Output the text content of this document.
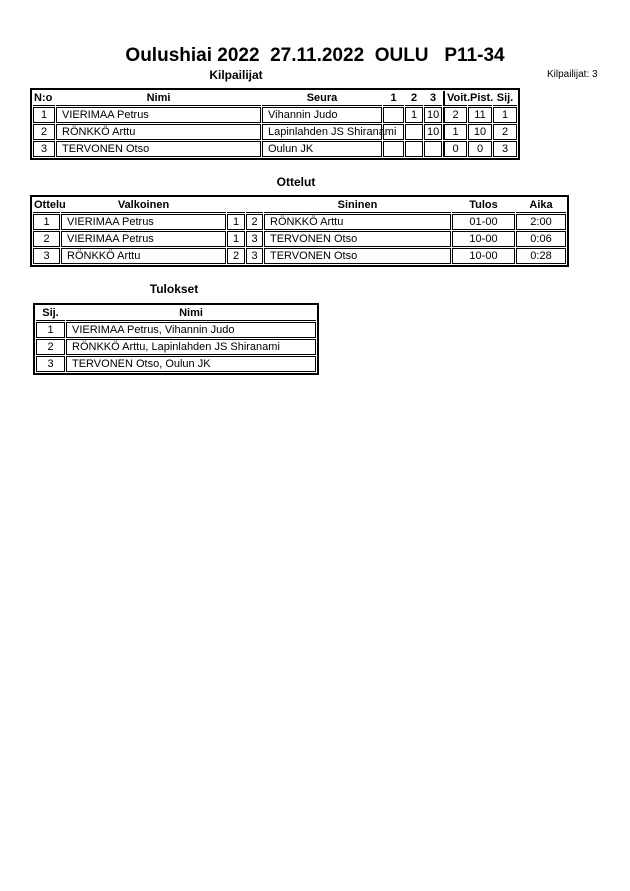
Oulushiai 2022  27.11.2022  OULU   P11-34
Kilpailijat	Kilpailijat: 3
N:o	Nimi	Seura	1	2	3	Voit.	Pist.	Sij.
1	VIERIMAA Petrus	Vihannin Judo		1	10	2	11	1
2	RÖNKKÖ Arttu	Lapinlahden JS Shiranami			10	1	10	2
3	TERVONEN Otso	Oulun JK				0	0	3
Ottelut
Ottelu	Valkoinen			Sininen	Tulos	Aika
1	VIERIMAA Petrus	1	2	RÖNKKÖ Arttu	01-00	2:00
2	VIERIMAA Petrus	1	3	TERVONEN Otso	10-00	0:06
3	RÖNKKÖ Arttu	2	3	TERVONEN Otso	10-00	0:28
Tulokset
Sij.	Nimi
1	VIERIMAA Petrus, Vihannin Judo
2	RÖNKKÖ Arttu, Lapinlahden JS Shiranami
3	TERVONEN Otso, Oulun JK
